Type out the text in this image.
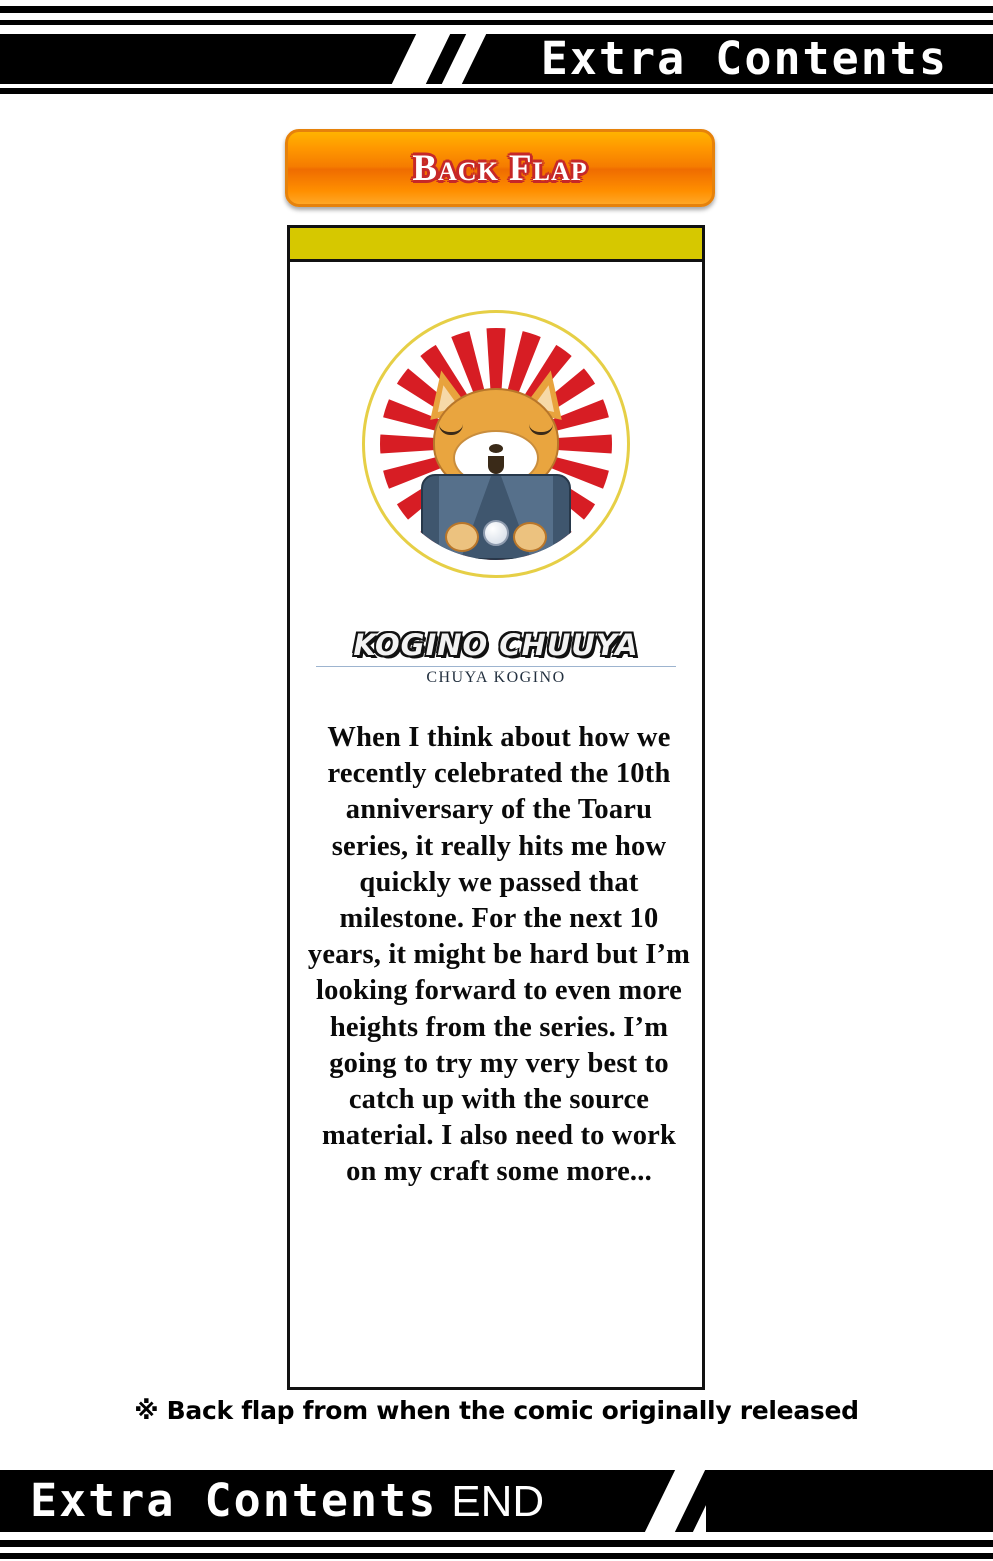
Extra Contents
Back Flap
KOGINO CHUUYA
CHUYA KOGINO
When I think about how we recently celebrated the 10th anniversary of the Toaru series, it really hits me how quickly we passed that milestone. For the next 10 years, it might be hard but I’m looking forward to even more heights from the series. I’m going to try my very best to catch up with the source material. I also need to work on my craft some more...
※ Back flap from when the comic originally released
Extra Contents END
